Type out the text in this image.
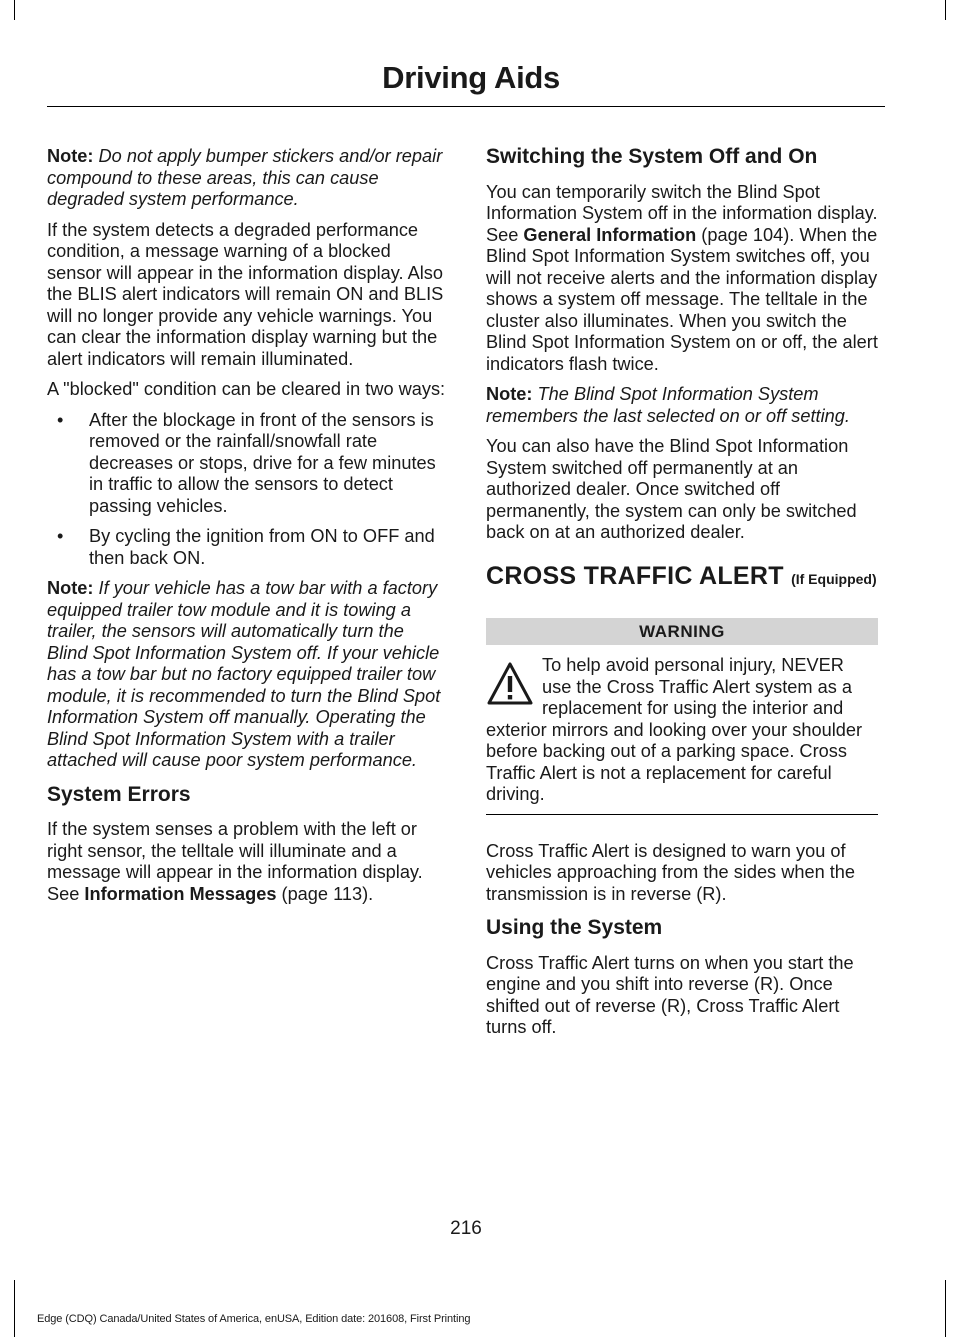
Driving Aids

Note: Do not apply bumper stickers and/or repair compound to these areas, this can cause degraded system performance.

If the system detects a degraded performance condition, a message warning of a blocked sensor will appear in the information display. Also the BLIS alert indicators will remain ON and BLIS will no longer provide any vehicle warnings. You can clear the information display warning but the alert indicators will remain illuminated.

A "blocked" condition can be cleared in two ways:

• After the blockage in front of the sensors is removed or the rainfall/snowfall rate decreases or stops, drive for a few minutes in traffic to allow the sensors to detect passing vehicles.
• By cycling the ignition from ON to OFF and then back ON.

Note: If your vehicle has a tow bar with a factory equipped trailer tow module and it is towing a trailer, the sensors will automatically turn the Blind Spot Information System off. If your vehicle has a tow bar but no factory equipped trailer tow module, it is recommended to turn the Blind Spot Information System off manually. Operating the Blind Spot Information System with a trailer attached will cause poor system performance.

System Errors

If the system senses a problem with the left or right sensor, the telltale will illuminate and a message will appear in the information display. See Information Messages (page 113).

Switching the System Off and On

You can temporarily switch the Blind Spot Information System off in the information display. See General Information (page 104). When the Blind Spot Information System switches off, you will not receive alerts and the information display shows a system off message. The telltale in the cluster also illuminates. When you switch the Blind Spot Information System on or off, the alert indicators flash twice.

Note: The Blind Spot Information System remembers the last selected on or off setting.

You can also have the Blind Spot Information System switched off permanently at an authorized dealer. Once switched off permanently, the system can only be switched back on at an authorized dealer.

CROSS TRAFFIC ALERT (If Equipped)
WARNING

To help avoid personal injury, NEVER use the Cross Traffic Alert system as a replacement for using the interior and exterior mirrors and looking over your shoulder before backing out of a parking space. Cross Traffic Alert is not a replacement for careful driving.

Cross Traffic Alert is designed to warn you of vehicles approaching from the sides when the transmission is in reverse (R).

Using the System

Cross Traffic Alert turns on when you start the engine and you shift into reverse (R). Once shifted out of reverse (R), Cross Traffic Alert turns off.

216
Edge (CDQ) Canada/United States of America, enUSA, Edition date: 201608, First Printing
